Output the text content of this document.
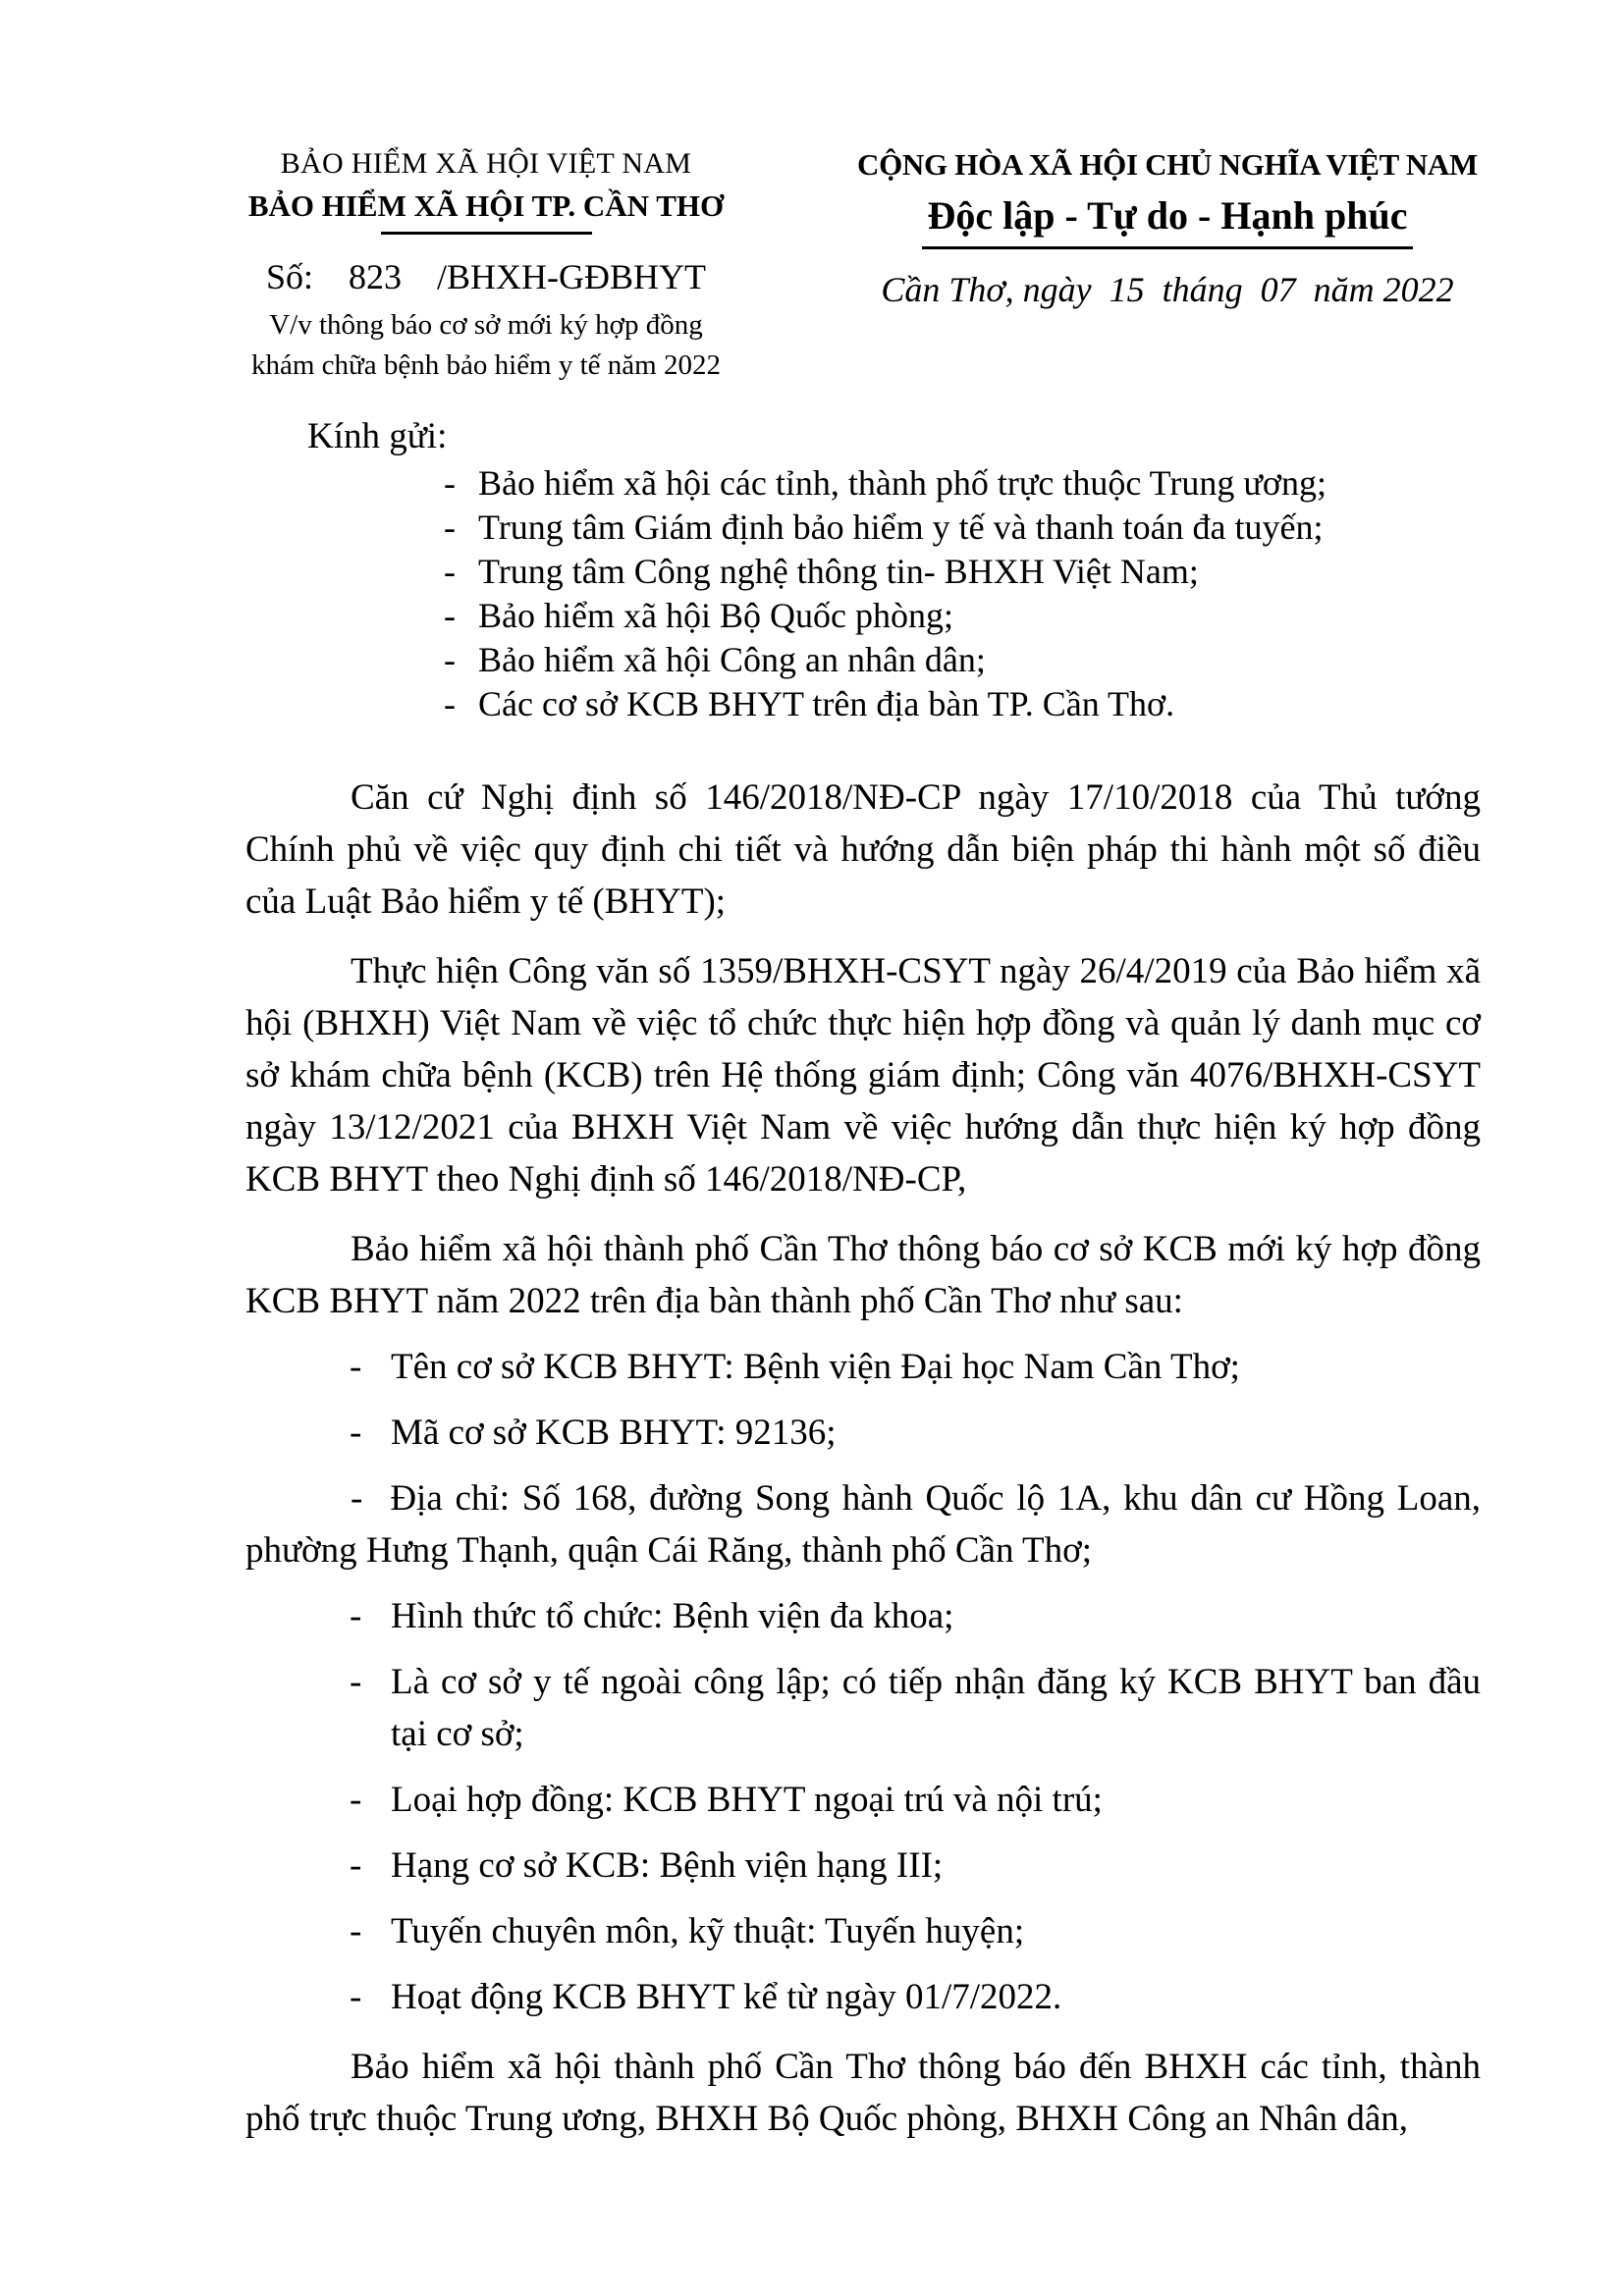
BẢO HIỂM XÃ HỘI VIỆT NAM
BẢO HIỂM XÃ HỘI TP. CẦN THƠ
Số:    823    /BHXH-GĐBHYT
V/v thông báo cơ sở mới ký hợp đồng
khám chữa bệnh bảo hiểm y tế năm 2022
CỘNG HÒA XÃ HỘI CHỦ NGHĨA VIỆT NAM
Độc lập - Tự do - Hạnh phúc
Cần Thơ, ngày  15  tháng  07  năm 2022
Kính gửi:
- Bảo hiểm xã hội các tỉnh, thành phố trực thuộc Trung ương;
- Trung tâm Giám định bảo hiểm y tế và thanh toán đa tuyến;
- Trung tâm Công nghệ thông tin- BHXH Việt Nam;
- Bảo hiểm xã hội Bộ Quốc phòng;
- Bảo hiểm xã hội Công an nhân dân;
- Các cơ sở KCB BHYT trên địa bàn TP. Cần Thơ.

Căn cứ Nghị định số 146/2018/NĐ-CP ngày 17/10/2018 của Thủ tướng Chính phủ về việc quy định chi tiết và hướng dẫn biện pháp thi hành một số điều của Luật Bảo hiểm y tế (BHYT);

Thực hiện Công văn số 1359/BHXH-CSYT ngày 26/4/2019 của Bảo hiểm xã hội (BHXH) Việt Nam về việc tổ chức thực hiện hợp đồng và quản lý danh mục cơ sở khám chữa bệnh (KCB) trên Hệ thống giám định; Công văn 4076/BHXH-CSYT ngày 13/12/2021 của BHXH Việt Nam về việc hướng dẫn thực hiện ký hợp đồng KCB BHYT theo Nghị định số 146/2018/NĐ-CP,

Bảo hiểm xã hội thành phố Cần Thơ thông báo cơ sở KCB mới ký hợp đồng KCB BHYT năm 2022 trên địa bàn thành phố Cần Thơ như sau:

- Tên cơ sở KCB BHYT: Bệnh viện Đại học Nam Cần Thơ;
- Mã cơ sở KCB BHYT: 92136;
- Địa chỉ: Số 168, đường Song hành Quốc lộ 1A, khu dân cư Hồng Loan, phường Hưng Thạnh, quận Cái Răng, thành phố Cần Thơ;
- Hình thức tổ chức: Bệnh viện đa khoa;
- Là cơ sở y tế ngoài công lập; có tiếp nhận đăng ký KCB BHYT ban đầu tại cơ sở;
- Loại hợp đồng: KCB BHYT ngoại trú và nội trú;
- Hạng cơ sở KCB: Bệnh viện hạng III;
- Tuyến chuyên môn, kỹ thuật: Tuyến huyện;
- Hoạt động KCB BHYT kể từ ngày 01/7/2022.

Bảo hiểm xã hội thành phố Cần Thơ thông báo đến BHXH các tỉnh, thành phố trực thuộc Trung ương, BHXH Bộ Quốc phòng, BHXH Công an Nhân dân,
